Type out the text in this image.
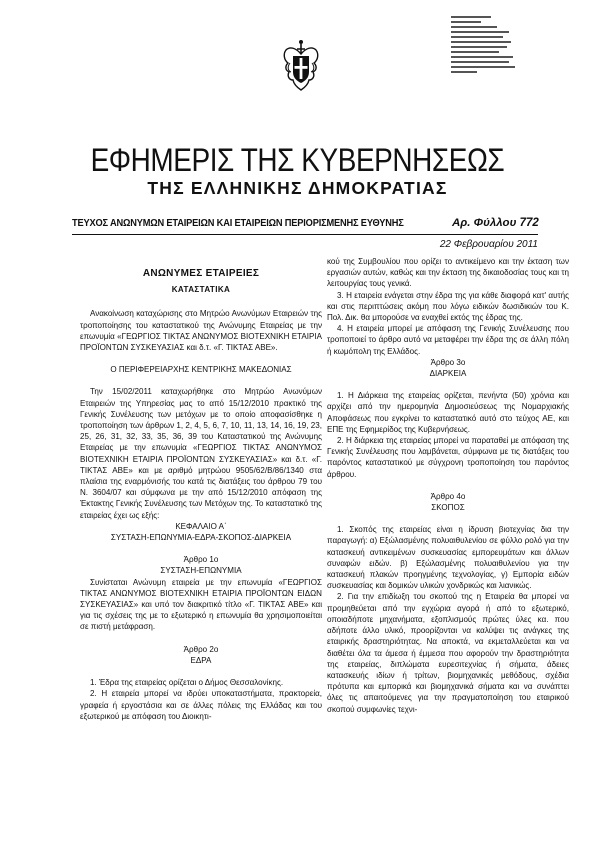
ΕΦΗΜΕΡΙΣ ΤΗΣ ΚΥΒΕΡΝΗΣΕΩΣ
ΤΗΣ ΕΛΛΗΝΙΚΗΣ ΔΗΜΟΚΡΑΤΙΑΣ
ΤΕΥΧΟΣ ΑΝΩΝΥΜΩΝ ΕΤΑΙΡΕΙΩΝ ΚΑΙ ΕΤΑΙΡΕΙΩΝ ΠΕΡΙΟΡΙΣΜΕΝΗΣ ΕΥΘΥΝΗΣ	Αρ. Φύλλου 772
22 Φεβρουαρίου 2011

ΑΝΩΝΥΜΕΣ ΕΤΑΙΡΕΙΕΣ

ΚΑΤΑΣΤΑΤΙΚΑ

Ανακοίνωση καταχώρισης στο Μητρώο Ανωνύμων Εταιρειών της τροποποίησης του καταστατικού της Ανώνυμης Εταιρείας με την επωνυμία «ΓΕΩΡΓΙΟΣ ΤΙΚΤΑΣ ΑΝΩΝΥΜΟΣ ΒΙΟΤΕΧΝΙΚΗ ΕΤΑΙΡΙΑ ΠΡΟΪΟΝΤΩΝ ΣΥΣΚΕΥΑΣΙΑΣ και δ.τ. «Γ. ΤΙΚΤΑΣ ΑΒΕ».

Ο ΠΕΡΙΦΕΡΕΙΑΡΧΗΣ ΚΕΝΤΡΙΚΗΣ ΜΑΚΕΔΟΝΙΑΣ

Την 15/02/2011 καταχωρήθηκε στο Μητρώο Ανωνύμων Εταιρειών της Υπηρεσίας μας το από 15/12/2010 πρακτικό της Γενικής Συνέλευσης των μετόχων με το οποίο αποφασίσθηκε η τροποποίηση των άρθρων 1, 2, 4, 5, 6, 7, 10, 11, 13, 14, 16, 19, 23, 25, 26, 31, 32, 33, 35, 36, 39 του Καταστατικού της Ανώνυμης Εταιρείας με την επωνυμία «ΓΕΩΡΓΙΟΣ ΤΙΚΤΑΣ ΑΝΩΝΥΜΟΣ ΒΙΟΤΕΧΝΙΚΗ ΕΤΑΙΡΙΑ ΠΡΟΪΟΝΤΩΝ ΣΥΣΚΕΥΑΣΙΑΣ» και δ.τ. «Γ. ΤΙΚΤΑΣ ΑΒΕ» και με αριθμό μητρώου 9505/62/Β/86/1340 στα πλαίσια της εναρμόνισής του κατά τις διατάξεις του άρθρου 79 του Ν. 3604/07 και σύμφωνα με την από 15/12/2010 απόφαση της Έκτακτης Γενικής Συνέλευσης των Μετόχων της. Το καταστατικό της εταιρείας έχει ως εξής:

ΚΕΦΑΛΑΙΟ Α΄

ΣΥΣΤΑΣΗ-ΕΠΩΝΥΜΙΑ-ΕΔΡΑ-ΣΚΟΠΟΣ-ΔΙΑΡΚΕΙΑ

Άρθρο 1ο

ΣΥΣΤΑΣΗ-ΕΠΩΝΥΜΙΑ

Συνίσταται Ανώνυμη εταιρεία με την επωνυμία «ΓΕΩΡΓΙΟΣ ΤΙΚΤΑΣ ΑΝΩΝΥΜΟΣ ΒΙΟΤΕΧΝΙΚΗ ΕΤΑΙΡΙΑ ΠΡΟΪΟΝΤΩΝ ΕΙΔΩΝ ΣΥΣΚΕΥΑΣΙΑΣ» και υπό τον διακριτικό τίτλο «Γ. ΤΙΚΤΑΣ ΑΒΕ» και για τις σχέσεις της με το εξωτερικό η επωνυμία θα χρησιμοποιείται σε πιστή μετάφραση.

Άρθρο 2ο

ΕΔΡΑ

1. Έδρα της εταιρείας ορίζεται ο Δήμος Θεσσαλονίκης.

2. Η εταιρεία μπορεί να ιδρύει υποκαταστήματα, πρακτορεία, γραφεία ή εργοστάσια και σε άλλες πόλεις της Ελλάδας και του εξωτερικού με απόφαση του Διοικητι-

κού της Συμβουλίου που ορίζει το αντικείμενο και την έκταση των εργασιών αυτών, καθώς και την έκταση της δικαιοδοσίας τους και τη λειτουργίας τους γενικά.

3. Η εταιρεία ενάγεται στην έδρα της για κάθε διαφορά κατ' αυτής και στις περιπτώσεις ακόμη που λόγω ειδικών δωσιδικιών του Κ. Πολ. Δικ. θα μπορούσε να εναχθεί εκτός της έδρας της.

4. Η εταιρεία μπορεί με απόφαση της Γενικής Συνέλευσης που τροποποιεί το άρθρο αυτό να μεταφέρει την έδρα της σε άλλη πόλη ή κωμόπολη της Ελλάδος.

Άρθρο 3ο

ΔΙΑΡΚΕΙΑ

1. Η Διάρκεια της εταιρείας ορίζεται, πενήντα (50) χρόνια και αρχίζει από την ημερομηνία Δημοσιεύσεως της Νομαρχιακής Αποφάσεως που εγκρίνει το καταστατικό αυτό στο τεύχος ΑΕ, και ΕΠΕ της Εφημερίδος της Κυβερνήσεως.

2. Η διάρκεια της εταιρείας μπορεί να παραταθεί με απόφαση της Γενικής Συνέλευσης που λαμβάνεται, σύμφωνα με τις διατάξεις του παρόντος καταστατικού με σύγχρονη τροποποίηση του παρόντος άρθρου.

Άρθρο 4ο

ΣΚΟΠΟΣ

1. Σκοπός της εταιρείας είναι η ίδρυση βιοτεχνίας δια την παραγωγή: α) Εξώλασμένης πολυαιθυλενίου σε φύλλο ρολό για την κατασκευή αντικειμένων συσκευασίας εμπορευμάτων και άλλων συναφών ειδών. β) Εξώλασμένης πολυαιθυλενίου για την κατασκευή πλακών προηγμένης τεχνολογίας, γ) Εμπορία ειδών συσκευασίας και δομικών υλικών χονδρικώς και λιανικώς.

2. Για την επιδίωξη του σκοπού της η Εταιρεία θα μπορεί να προμηθεύεται από την εγχώρια αγορά ή από το εξωτερικό, οποιαδήποτε μηχανήματα, εξοπλισμούς πρώτες ύλες κα. που αδήποτε άλλο υλικό, προορίζονται να καλύψει τις ανάγκες της εταιρικής δραστηριότητας. Να αποκτά, να εκμεταλλεύεται και να διαθέτει όλα τα άμεσα ή έμμεσα που αφορούν την δραστηριότητα της εταιρείας, διπλώματα ευρεσιτεχνίας ή σήματα, άδειες κατασκευής ιδίων ή τρίτων, βιομηχανικές μεθόδους, σχέδια πρότυπα και εμπορικά και βιομηχανικά σήματα και να συνάπτει όλες τις απαιτούμενες για την πραγματοποίηση του εταιρικού σκοπού συμφωνίες τεχνι-
